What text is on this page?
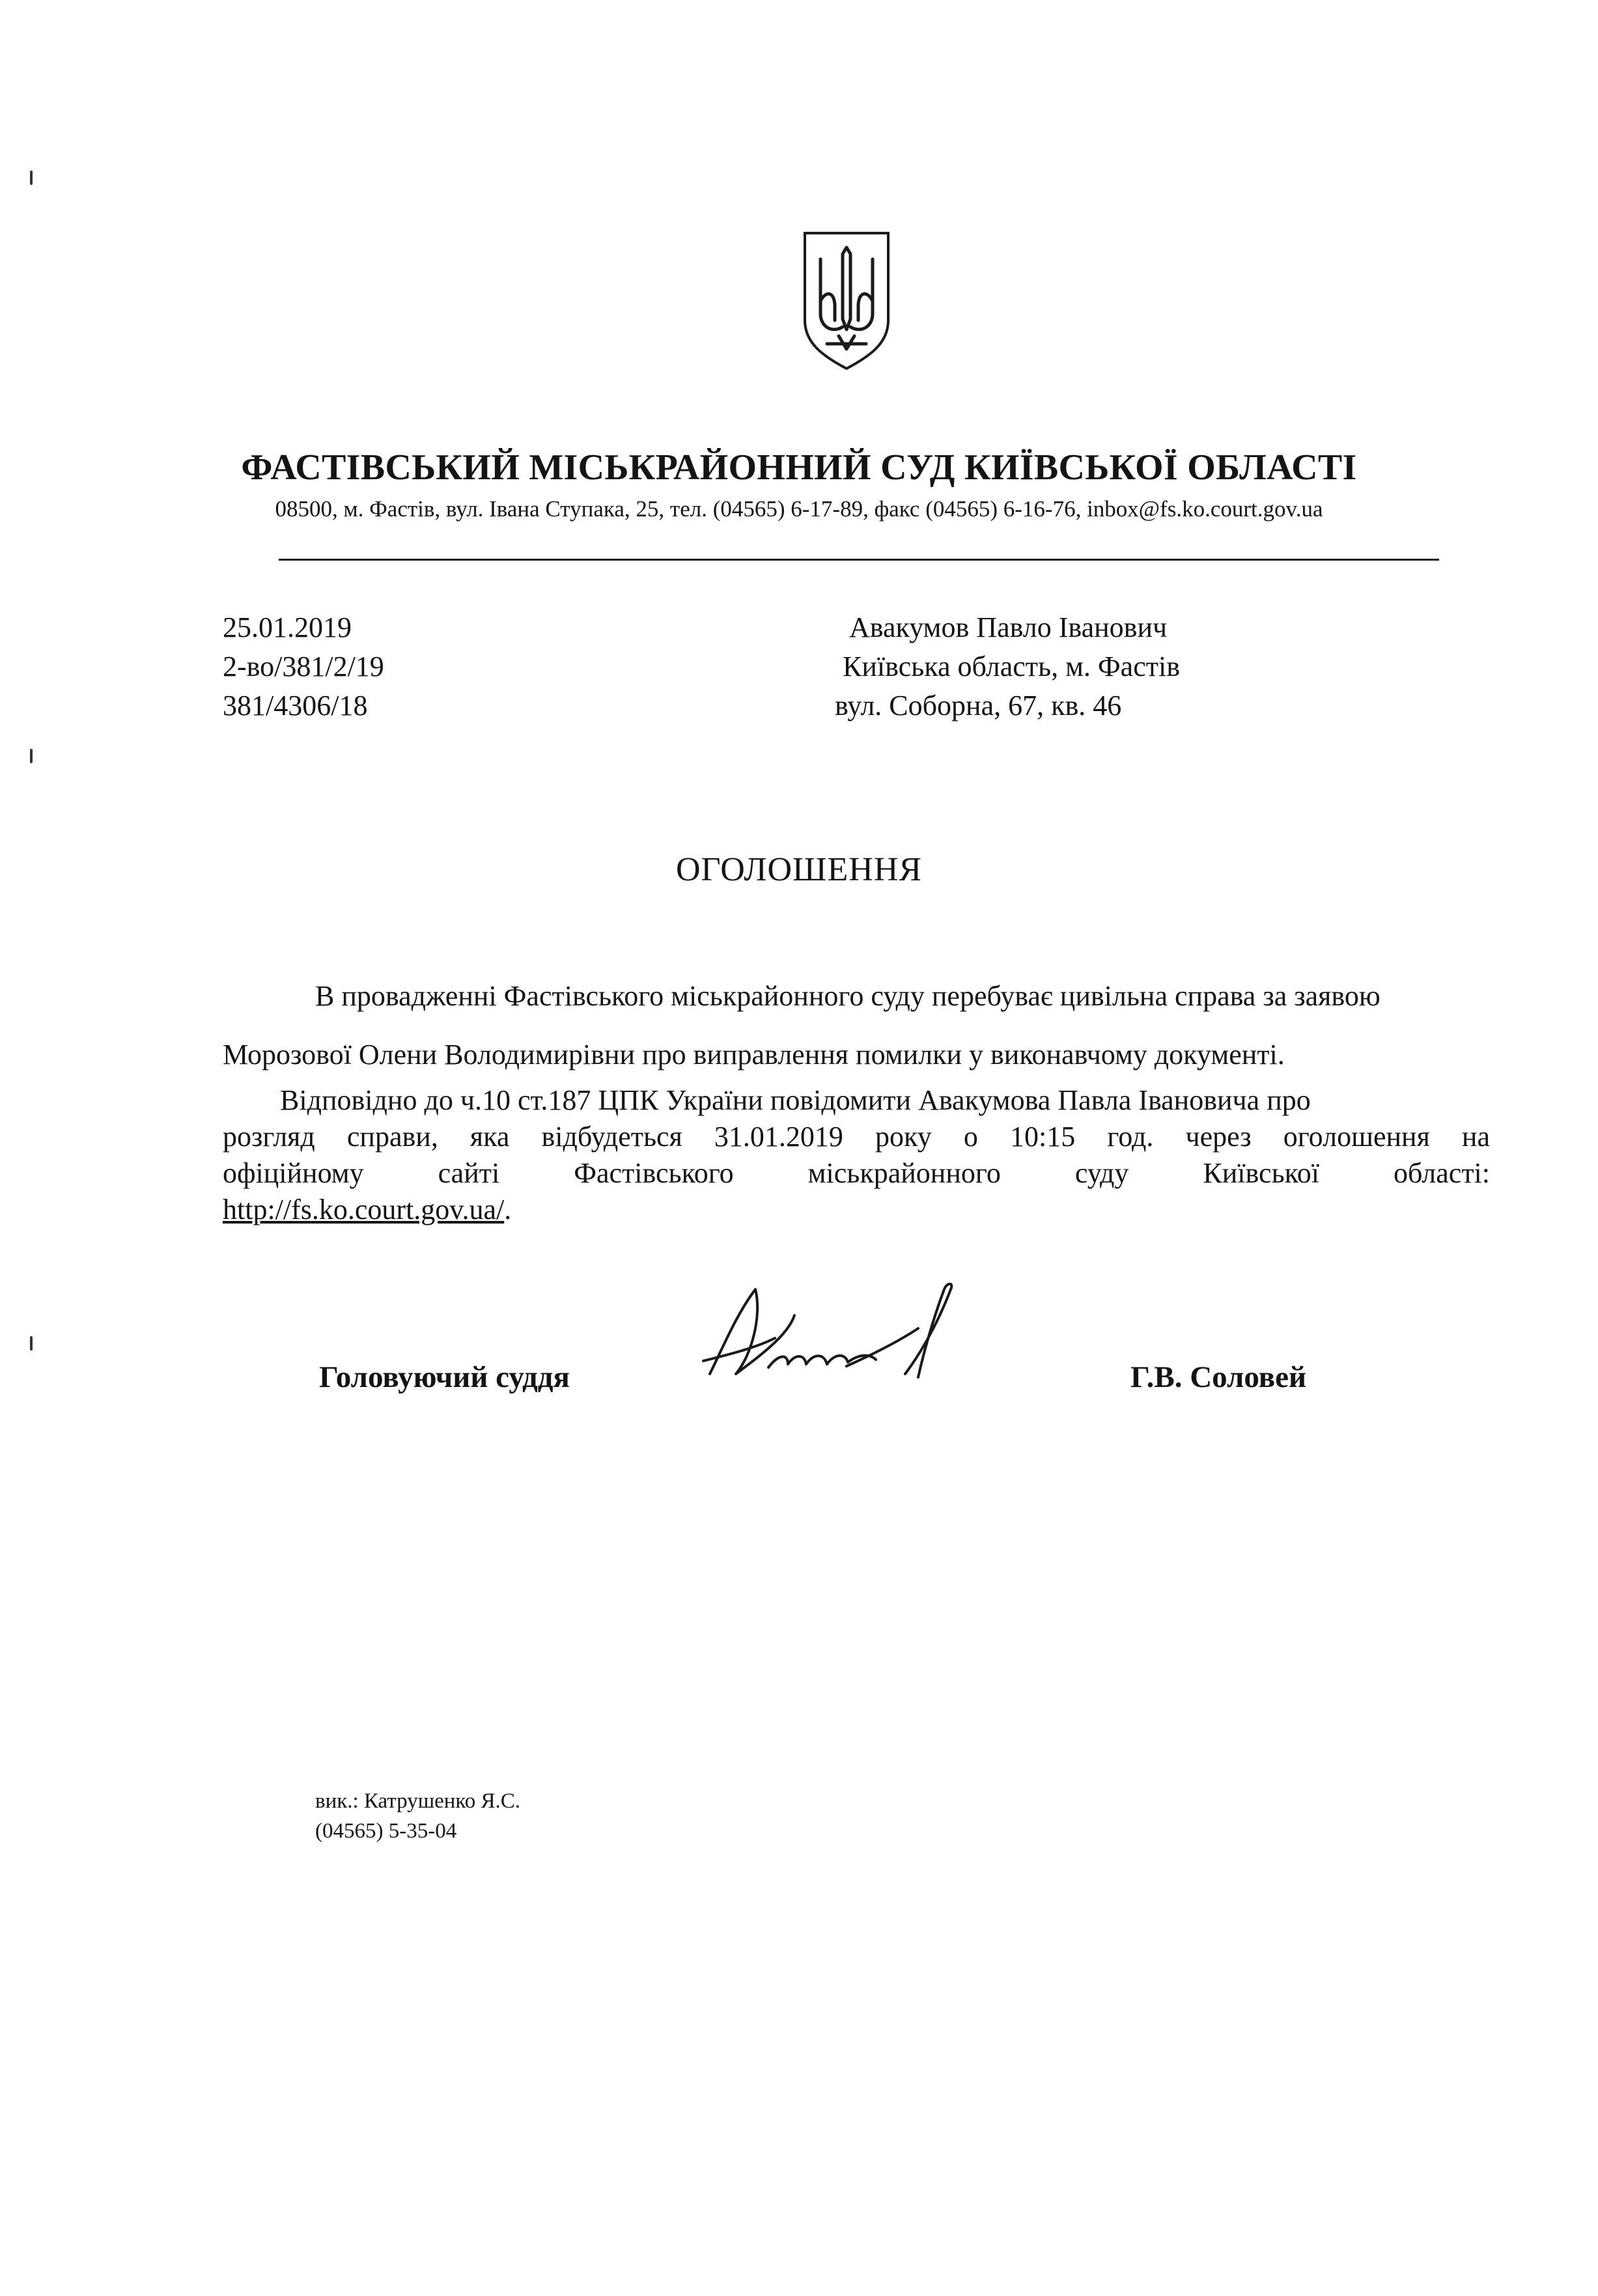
ФАСТІВСЬКИЙ МІСЬКРАЙОННИЙ СУД КИЇВСЬКОЇ ОБЛАСТІ
08500, м. Фастів, вул. Івана Ступака, 25, тел. (04565) 6-17-89, факс (04565) 6-16-76, inbox@fs.ko.court.gov.ua
25.01.2019
2-во/381/2/19
381/4306/18
Авакумов Павло Іванович
Київська область, м. Фастів
вул. Соборна, 67, кв. 46
ОГОЛОШЕННЯ
В провадженні Фастівського міськрайонного суду перебуває цивільна справа за заявою
Морозової Олени Володимирівни про виправлення помилки у виконавчому документі.
Відповідно до ч.10 ст.187 ЦПК України повідомити Авакумова Павла Івановича про
розгляд справи, яка відбудеться 31.01.2019 року о 10:15 год. через оголошення на
офіційному сайті Фастівського міськрайонного суду Київської області:
http://fs.ko.court.gov.ua/.
Головуючий суддя	Г.В. Соловей
вик.: Катрушенко Я.С.
(04565) 5-35-04
